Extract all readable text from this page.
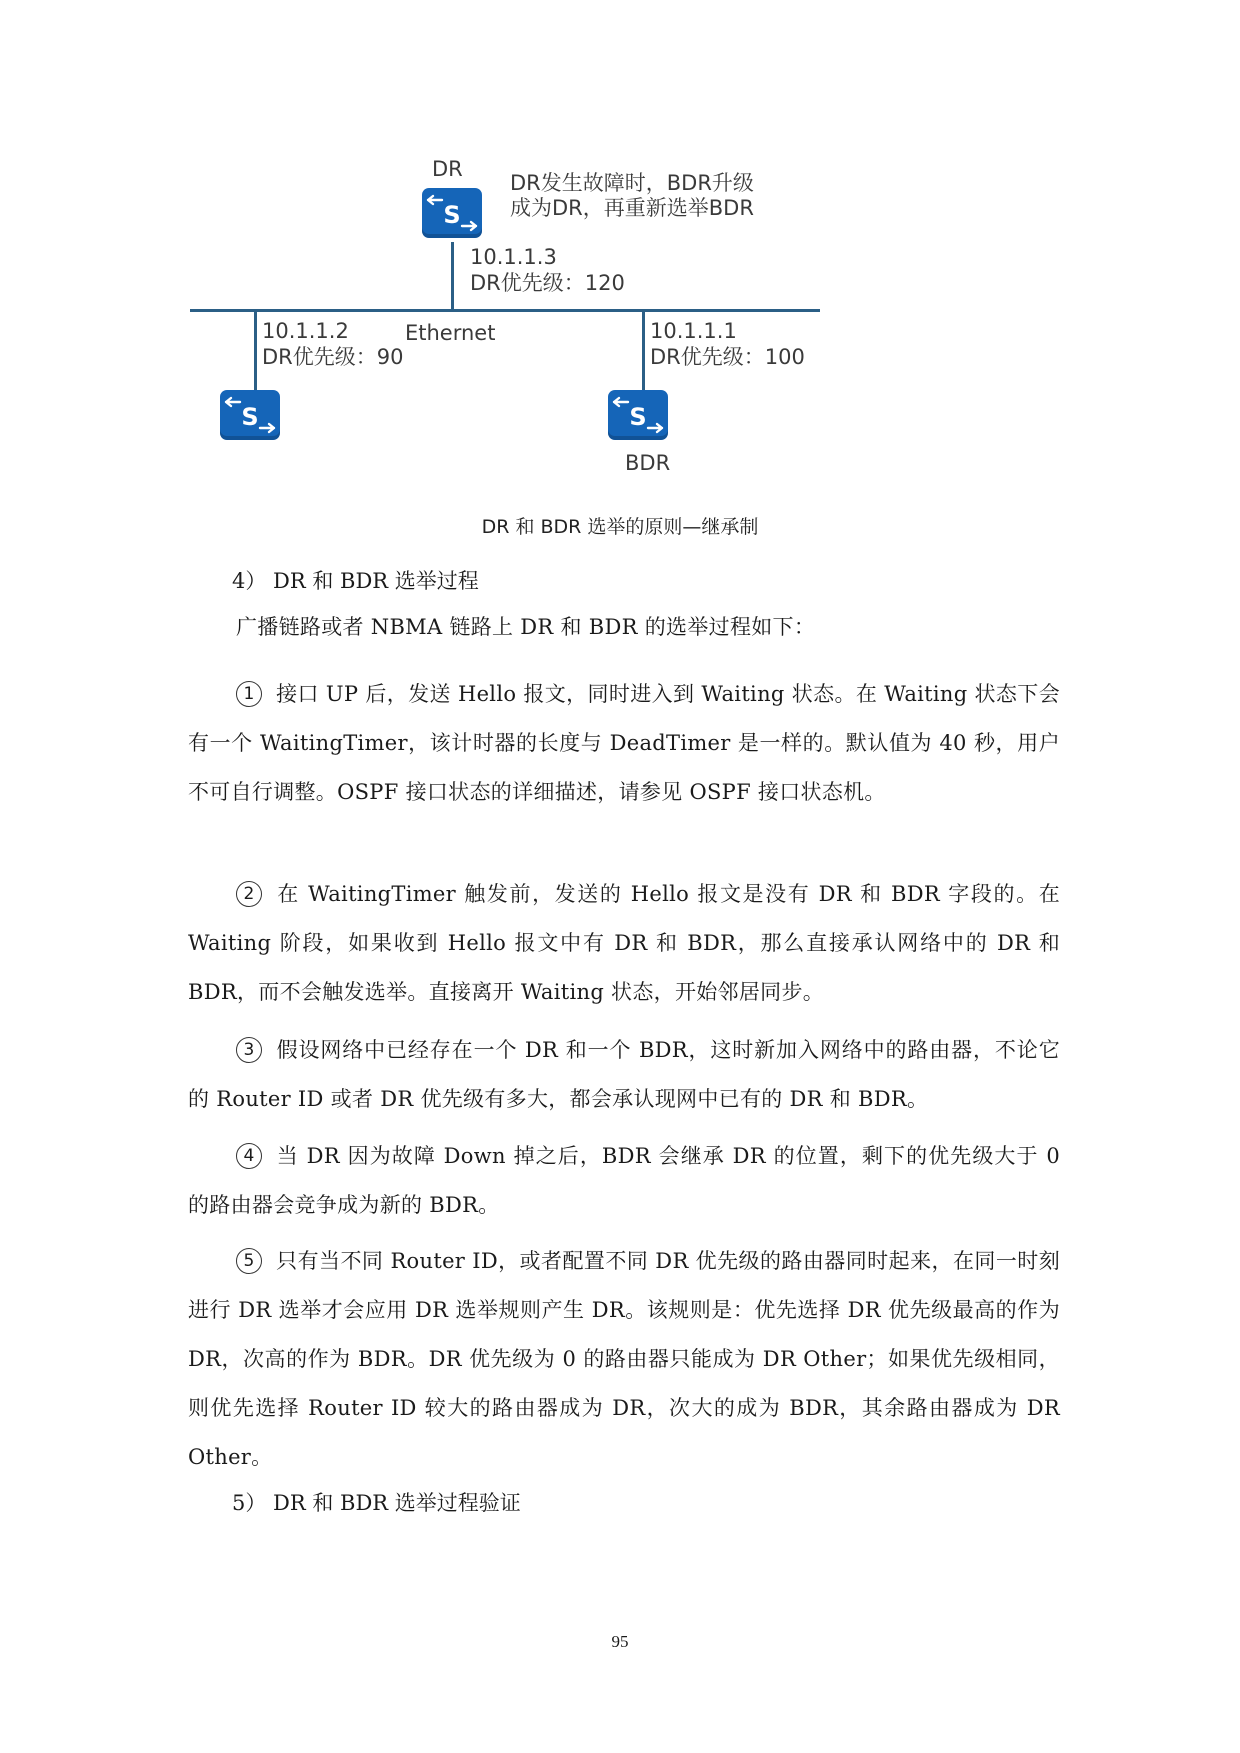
S
S	S
DR
DR发生故障时，BDR升级
成为DR，再重新选举BDR
10.1.1.3
DR优先级：120
10.1.1.2
DR优先级：90
Ethernet	10.1.1.1
DR优先级：100
BDR
DR 和 BDR 选举的原则—继承制
4） DR 和 BDR 选举过程
广播链路或者 NBMA 链路上 DR 和 BDR 的选举过程如下：
1 接口 UP 后，发送 Hello 报文，同时进入到 Waiting 状态。在 Waiting 状态下会有一个 WaitingTimer，该计时器的长度与 DeadTimer 是一样的。默认值为 40 秒，用户不可自行调整。OSPF 接口状态的详细描述，请参见 OSPF 接口状态机。
2 在 WaitingTimer 触发前，发送的 Hello 报文是没有 DR 和 BDR 字段的。在 Waiting 阶段，如果收到 Hello 报文中有 DR 和 BDR，那么直接承认网络中的 DR 和 BDR，而不会触发选举。直接离开 Waiting 状态，开始邻居同步。
3 假设网络中已经存在一个 DR 和一个 BDR，这时新加入网络中的路由器，不论它的 Router ID 或者 DR 优先级有多大，都会承认现网中已有的 DR 和 BDR。
4 当 DR 因为故障 Down 掉之后，BDR 会继承 DR 的位置，剩下的优先级大于 0 的路由器会竞争成为新的 BDR。
5 只有当不同 Router ID，或者配置不同 DR 优先级的路由器同时起来，在同一时刻进行 DR 选举才会应用 DR 选举规则产生 DR。该规则是：优先选择 DR 优先级最高的作为 DR，次高的作为 BDR。DR 优先级为 0 的路由器只能成为 DR Other；如果优先级相同，则优先选择 Router ID 较大的路由器成为 DR，次大的成为 BDR，其余路由器成为 DR Other。
5） DR 和 BDR 选举过程验证
95
